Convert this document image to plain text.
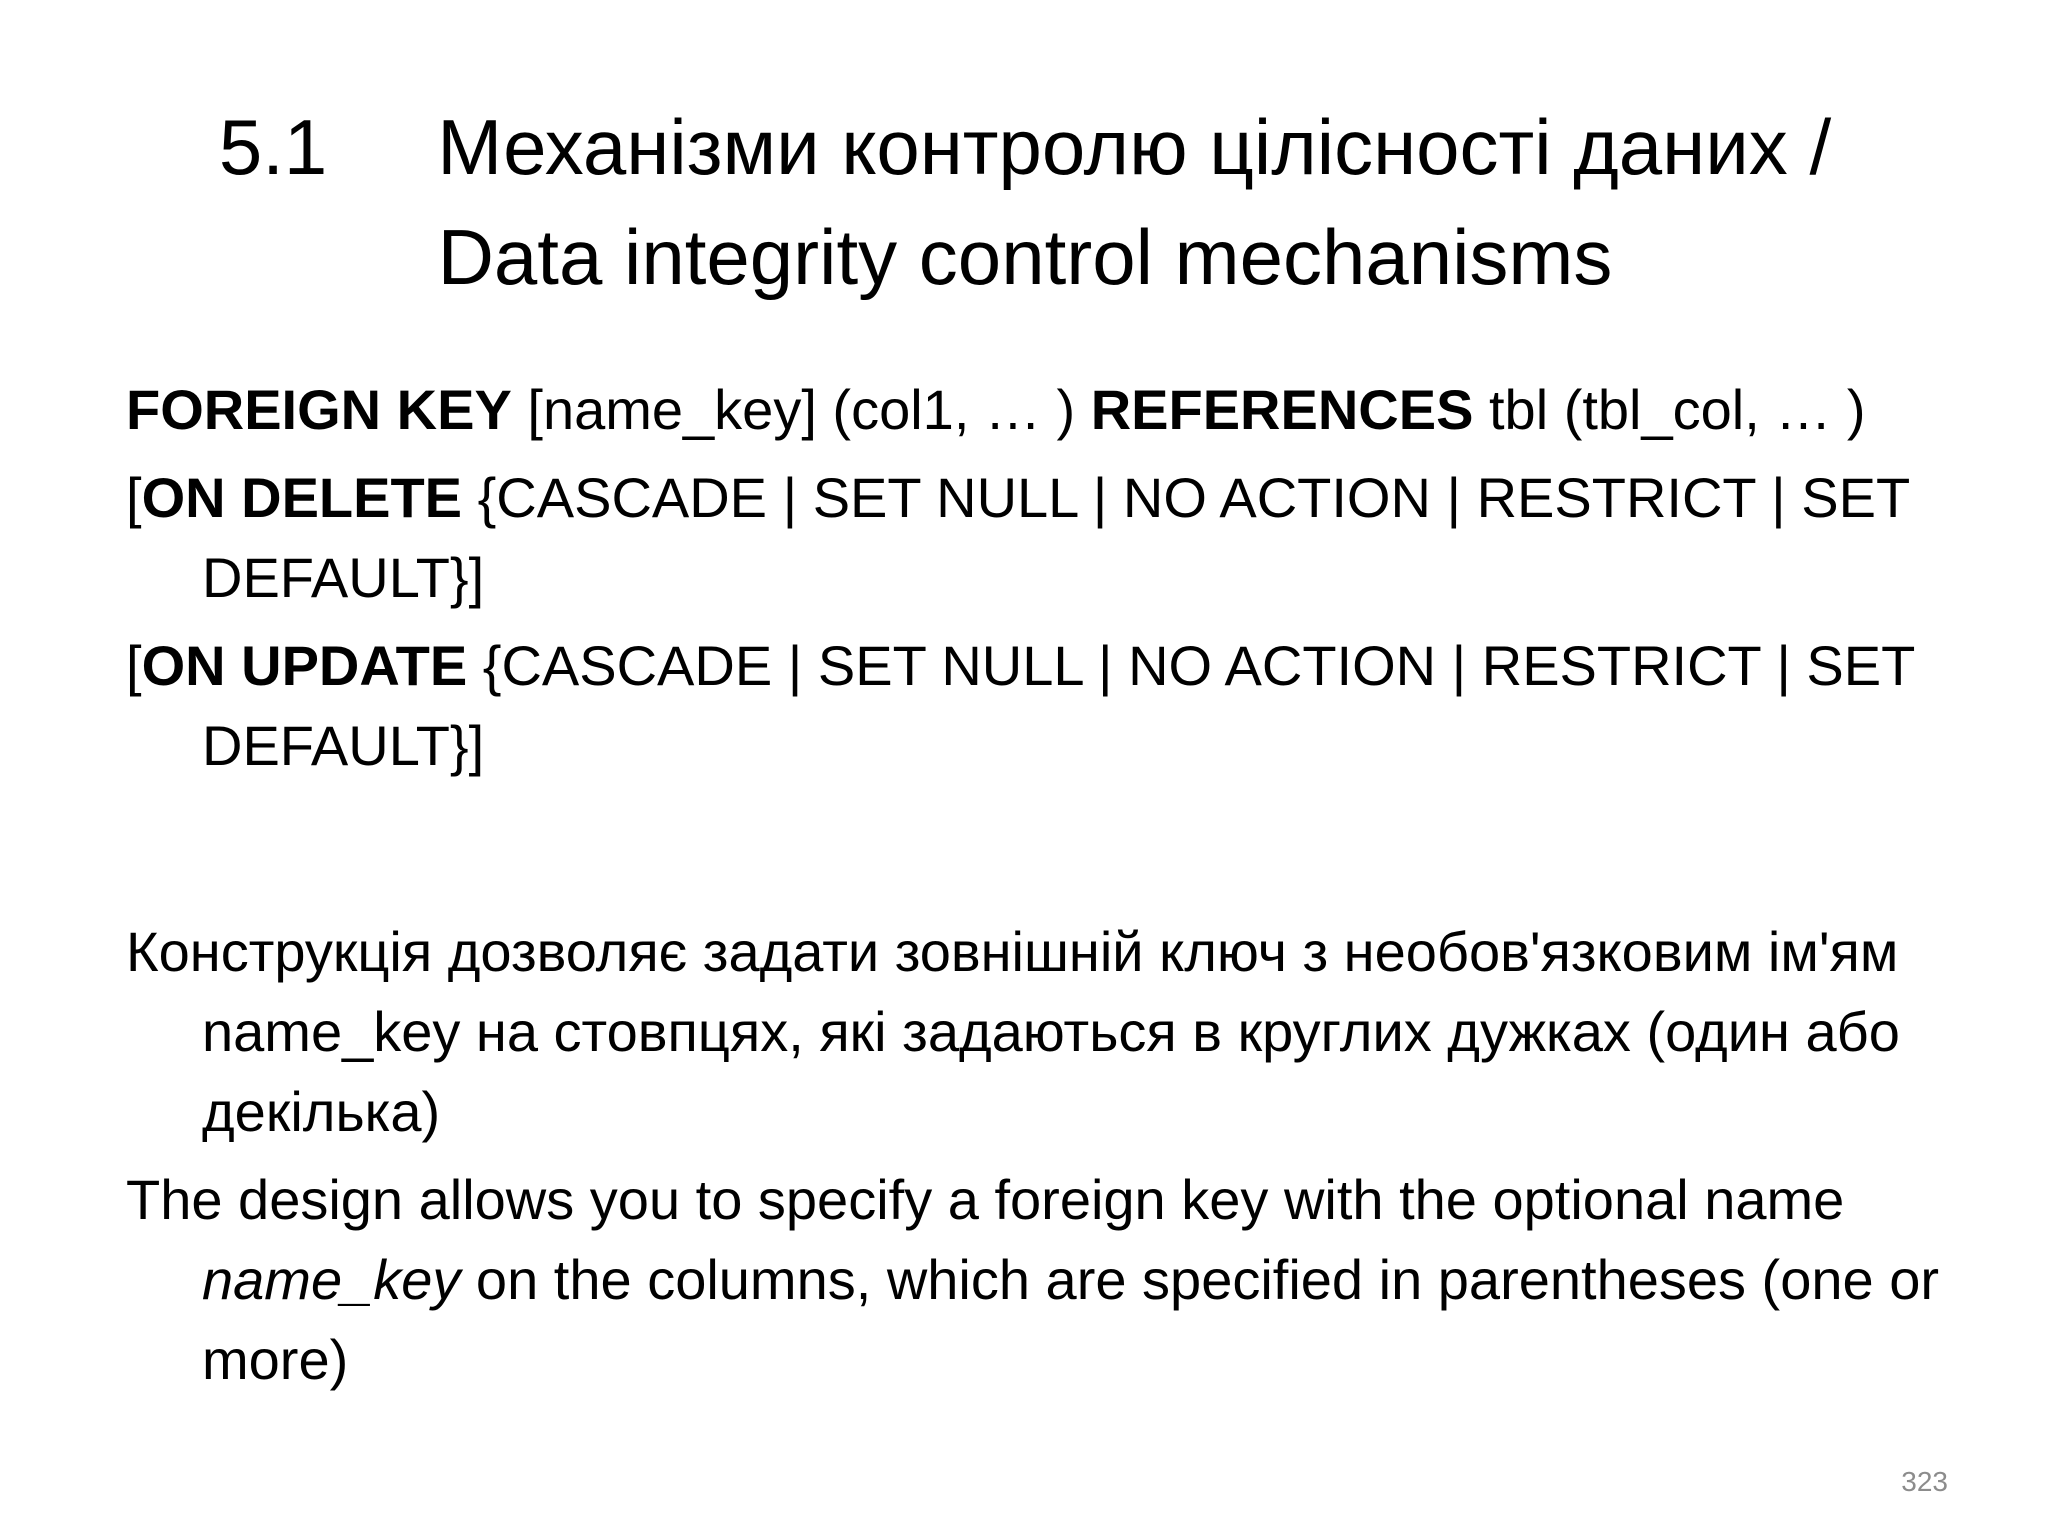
5.1 Механізми контролю цілісності даних /
Data integrity control mechanisms

FOREIGN KEY [name_key] (col1, … ) REFERENCES tbl (tbl_col, … )

[ON DELETE {CASCADE | SET NULL | NO ACTION | RESTRICT | SET DEFAULT}]

[ON UPDATE {CASCADE | SET NULL | NO ACTION | RESTRICT | SET DEFAULT}]

Конструкція дозволяє задати зовнішній ключ з необов'язковим ім'ям name_key на стовпцях, які задаються в круглих дужках (один або декілька)

The design allows you to specify a foreign key with the optional name name_key on the columns, which are specified in parentheses (one or more)

323
